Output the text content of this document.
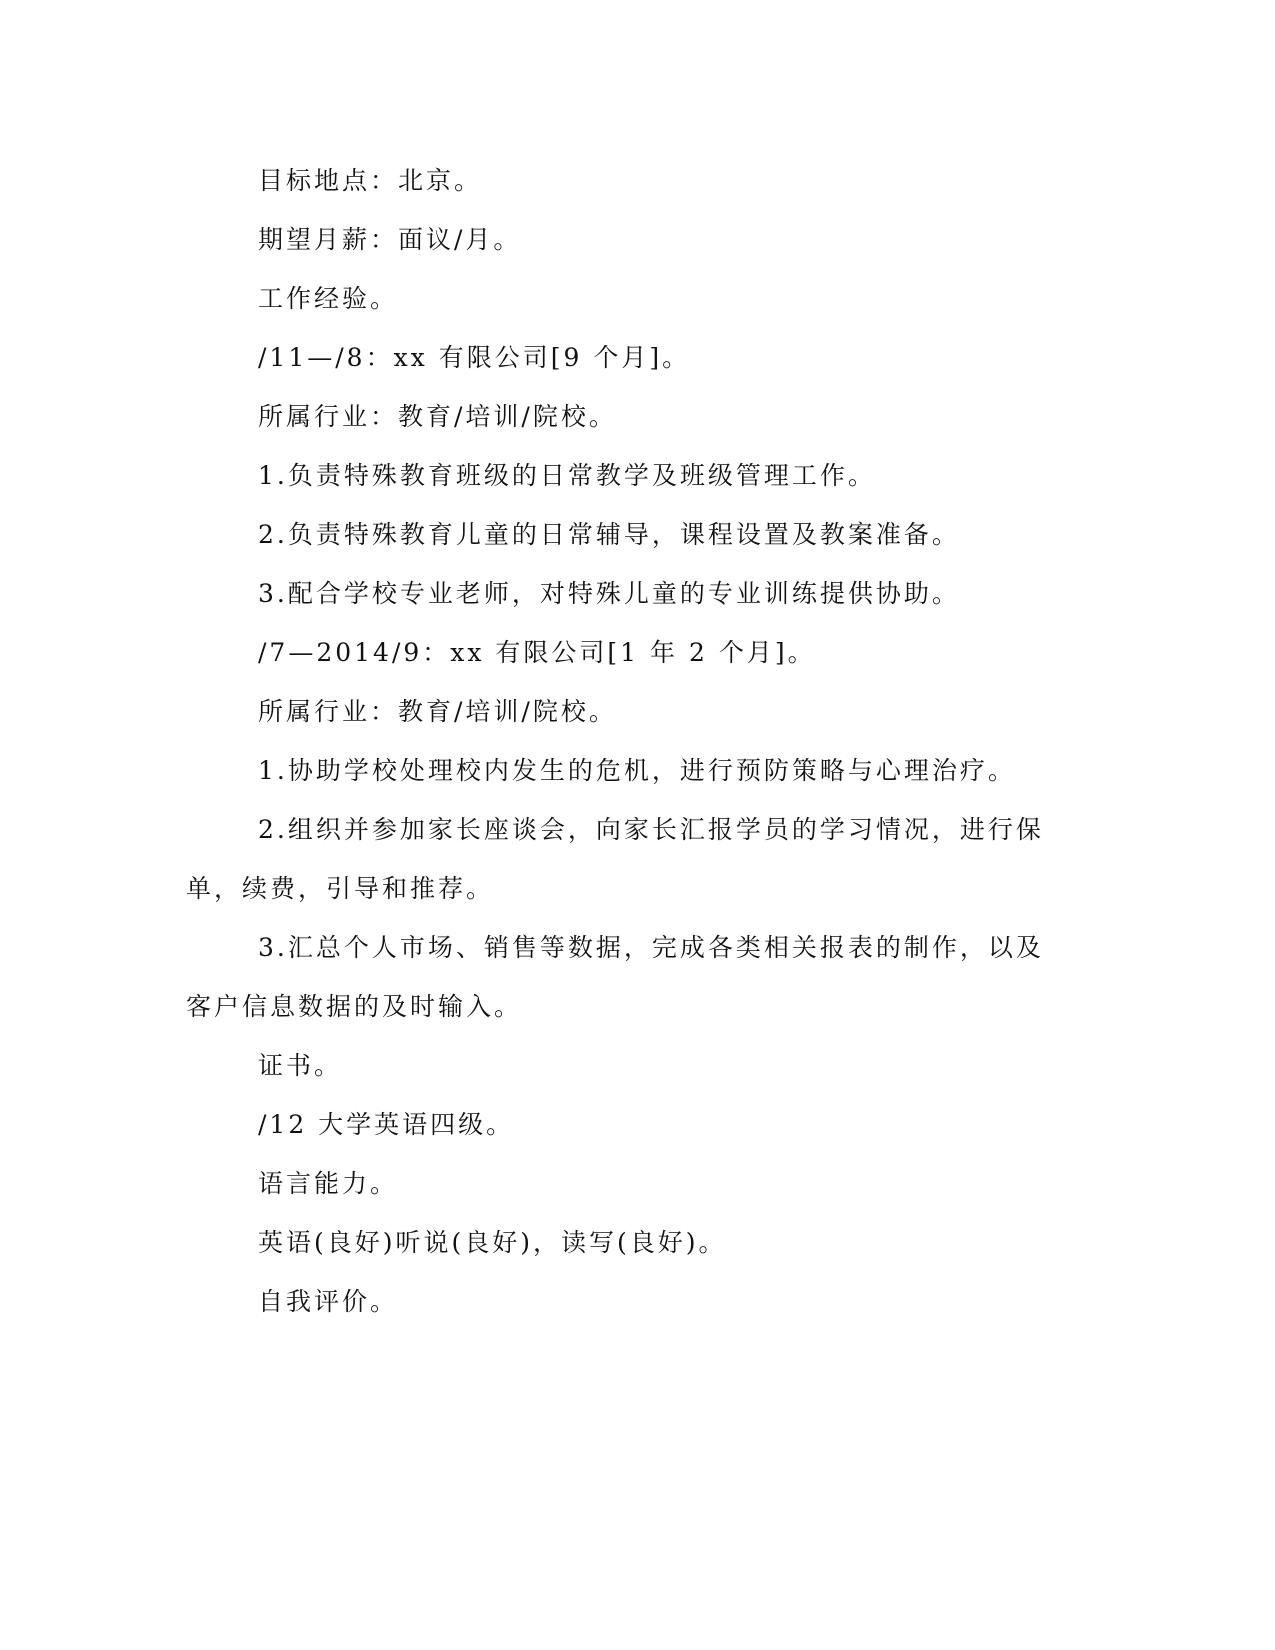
目标地点：北京。
期望月薪：面议/月。
工作经验。
/11—/8：xx 有限公司[9 个月]。
所属行业：教育/培训/院校。
1.负责特殊教育班级的日常教学及班级管理工作。
2.负责特殊教育儿童的日常辅导，课程设置及教案准备。
3.配合学校专业老师，对特殊儿童的专业训练提供协助。
/7—2014/9：xx 有限公司[1 年 2 个月]。
所属行业：教育/培训/院校。
1.协助学校处理校内发生的危机，进行预防策略与心理治疗。
2.组织并参加家长座谈会，向家长汇报学员的学习情况，进行保
单，续费，引导和推荐。
3.汇总个人市场、销售等数据，完成各类相关报表的制作，以及
客户信息数据的及时输入。
证书。
/12 大学英语四级。
语言能力。
英语(良好)听说(良好)，读写(良好)。
自我评价。
